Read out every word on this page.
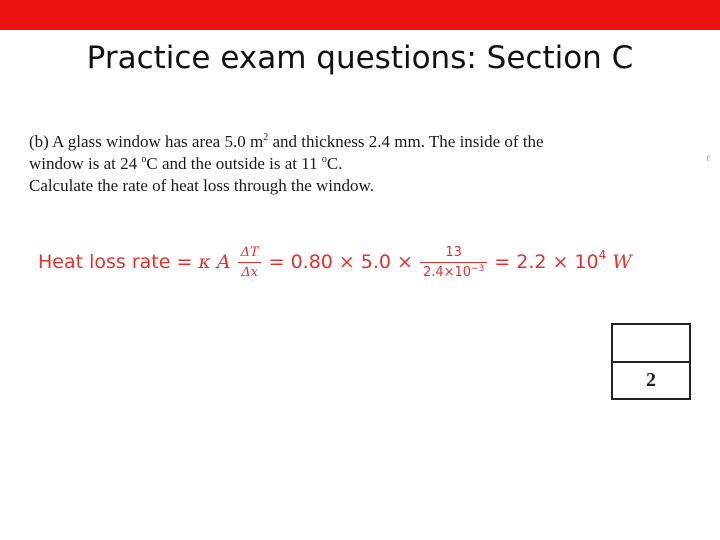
Practice exam questions: Section C
(b) A glass window has area 5.0 $m^2$ and thickness 2.4 mm. The inside of the
window is at 24 $^o$C and the outside is at 11 $^o$C.
Calculate the rate of heat loss through the window.
ℓ
Heat loss rate = κ A $\frac{\Delta T}{\Delta x} = 0.80 \times 5.0 \times \frac{13}{2.4\times 10^{-3}} = 2.2 \times 10^4$ W
2
